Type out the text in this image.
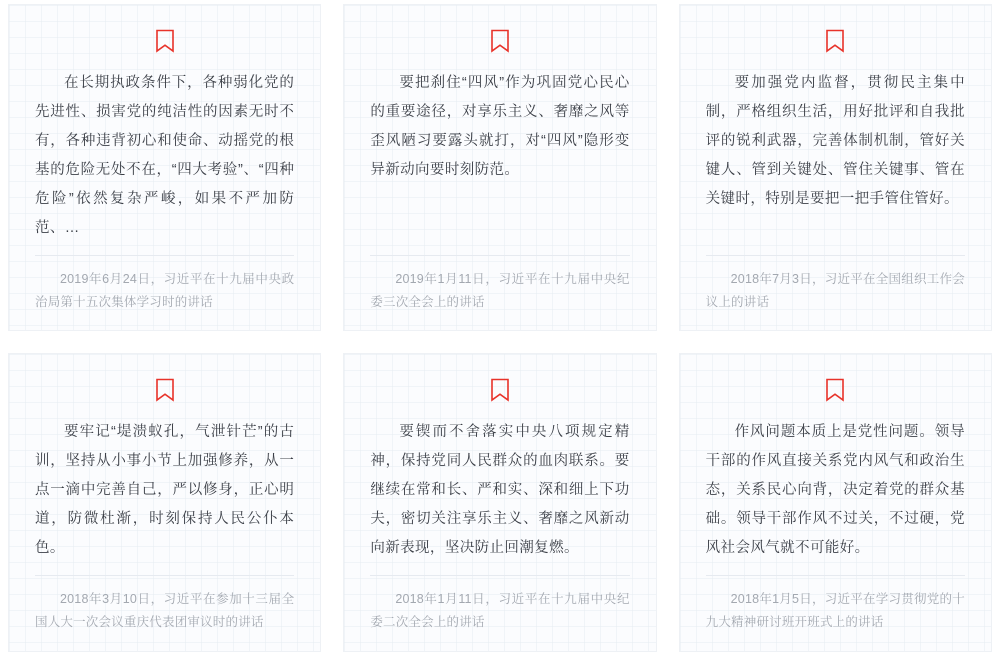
在长期执政条件下，各种弱化党的先进性、损害党的纯洁性的因素无时不有，各种违背初心和使命、动摇党的根基的危险无处不在，“四大考验”、“四种危险”依然复杂严峻，如果不严加防范、…

2019年6月24日，习近平在十九届中央政治局第十五次集体学习时的讲话

要把刹住“四风”作为巩固党心民心的重要途径，对享乐主义、奢靡之风等歪风陋习要露头就打，对“四风”隐形变异新动向要时刻防范。

2019年1月11日，习近平在十九届中央纪委三次全会上的讲话

要加强党内监督，贯彻民主集中制，严格组织生活，用好批评和自我批评的锐利武器，完善体制机制，管好关键人、管到关键处、管住关键事、管在关键时，特别是要把一把手管住管好。

2018年7月3日，习近平在全国组织工作会议上的讲话

要牢记“堤溃蚁孔，气泄针芒”的古训，坚持从小事小节上加强修养，从一点一滴中完善自己，严以修身，正心明道，防微杜渐，时刻保持人民公仆本色。

2018年3月10日，习近平在参加十三届全国人大一次会议重庆代表团审议时的讲话

要锲而不舍落实中央八项规定精神，保持党同人民群众的血肉联系。要继续在常和长、严和实、深和细上下功夫，密切关注享乐主义、奢靡之风新动向新表现，坚决防止回潮复燃。

2018年1月11日，习近平在十九届中央纪委二次全会上的讲话

作风问题本质上是党性问题。领导干部的作风直接关系党内风气和政治生态，关系民心向背，决定着党的群众基础。领导干部作风不过关，不过硬，党风社会风气就不可能好。

2018年1月5日，习近平在学习贯彻党的十九大精神研讨班开班式上的讲话
